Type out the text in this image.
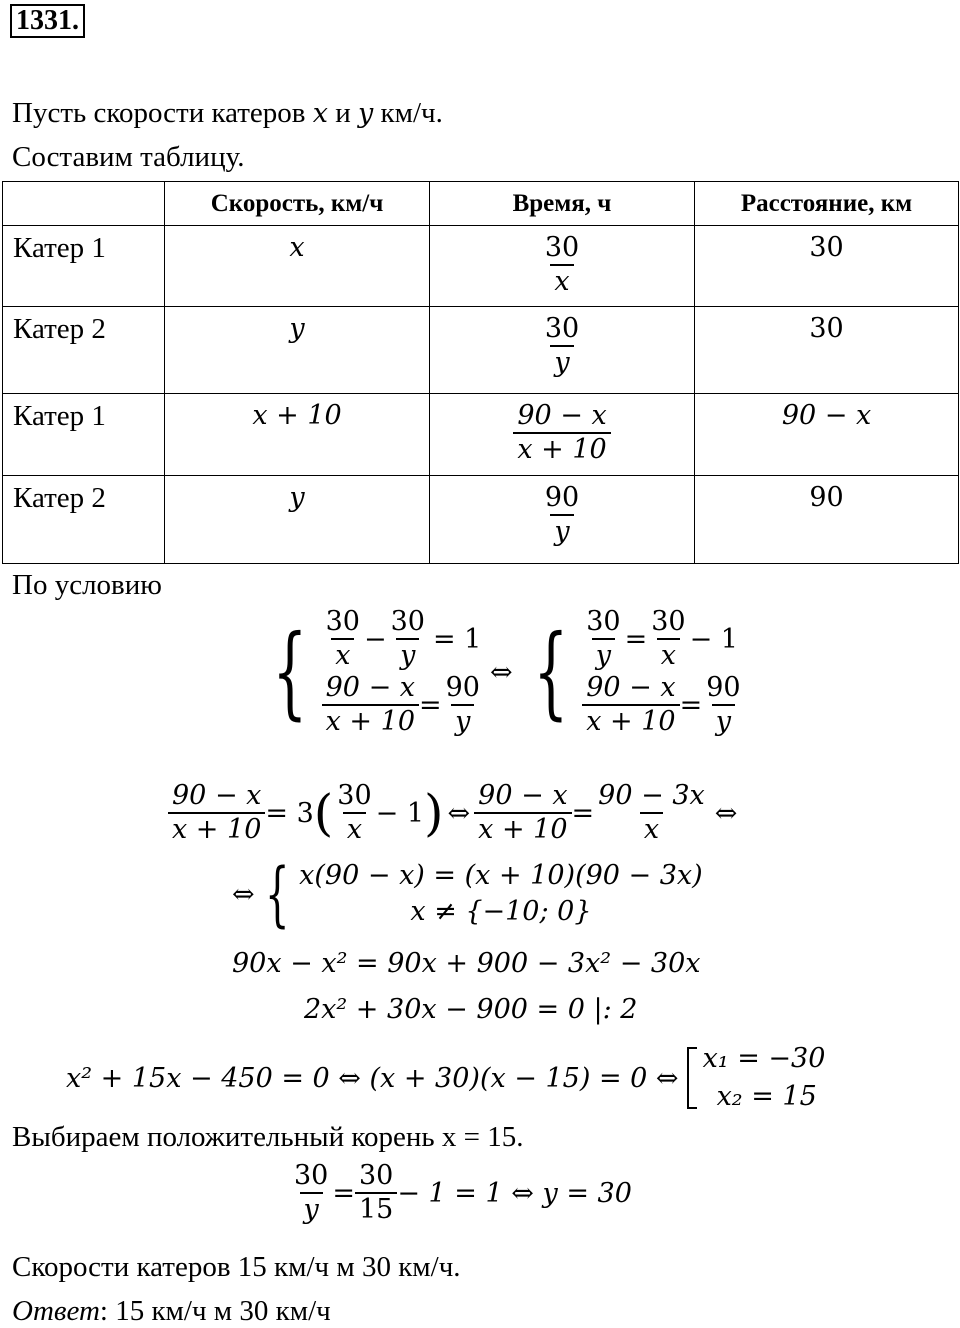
1331.
Пусть скорости катеров x и y км/ч.
Составим таблицу.
	Скорость, км/ч	Время, ч	Расстояние, км
Катер 1	x	$\frac{30}{x}$	30
Катер 2	y	$\frac{30}{y}$	30
Катер 1	x + 10	$\frac{90 - x}{x + 10}$	90 − x
Катер 2	y	$\frac{90}{y}$	90
По условию
{ $\frac{30}{x} - \frac{30}{y} = 1$
$\frac{90 - x}{x + 10} = \frac{90}{y}$ ⇔ { $\frac{30}{y} = \frac{30}{x} - 1$
$\frac{90 - x}{x + 10} = \frac{90}{y}$
$\frac{90 - x}{x + 10} = 3$ ( $\frac{30}{x} - 1$ ) ⇔ $\frac{90 - x}{x + 10} = \frac{90 - 3x}{x}$ ⇔
⇔ { x(90 − x) = (x + 10)(90 − 3x)
x ≠ {−10; 0}
90x − x² = 90x + 900 − 3x² − 30x
2x² + 30x − 900 = 0 |: 2
x² + 15x − 450 = 0 ⇔ (x + 30)(x − 15) = 0 ⇔
x₁ = −30
x₂ = 15
Выбираем положительный корень x = 15.
$\frac{30}{y} = \frac{30}{15} - 1 = 1$ ⇔ y = 30
Скорости катеров 15 км/ч м 30 км/ч.
Ответ: 15 км/ч м 30 км/ч
